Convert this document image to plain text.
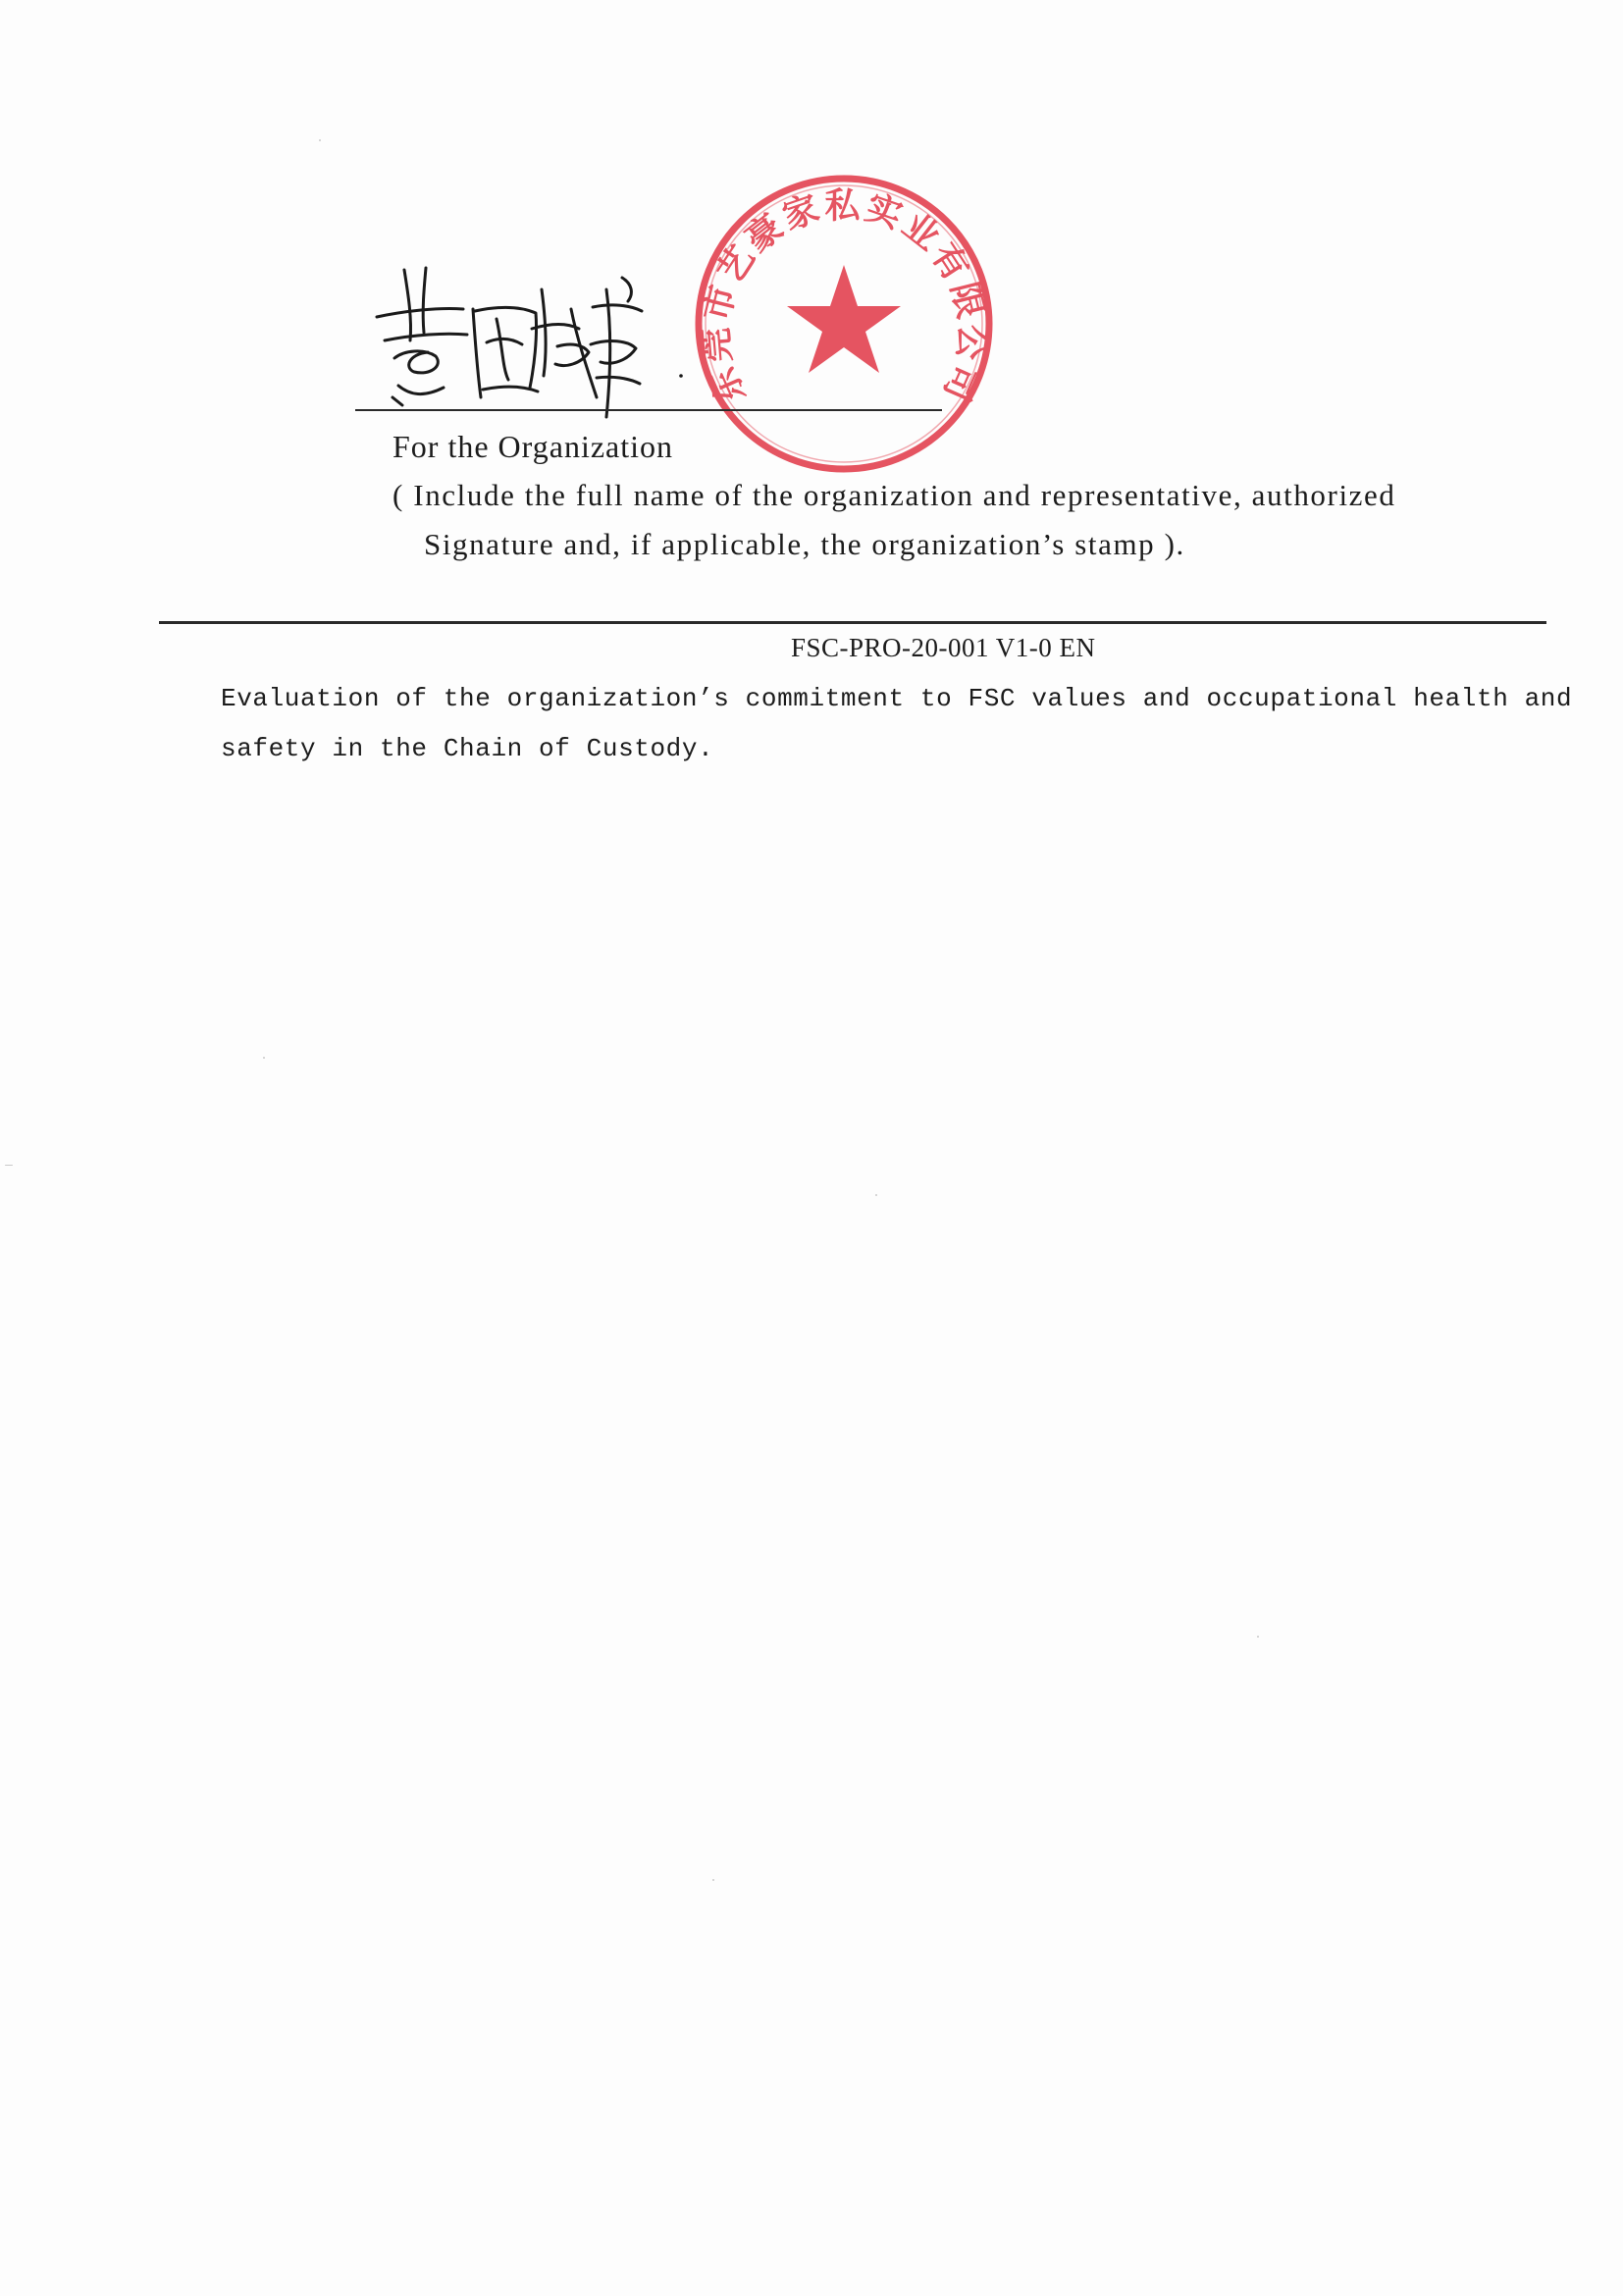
东莞市艺豪家私实业有限公司
For the Organization
( Include the full name of the organization and representative, authorized
Signature and, if applicable, the organization’s stamp ).
FSC-PRO-20-001 V1-0 EN
Evaluation of the organization’s commitment to FSC values and occupational health and
safety in the Chain of Custody.
